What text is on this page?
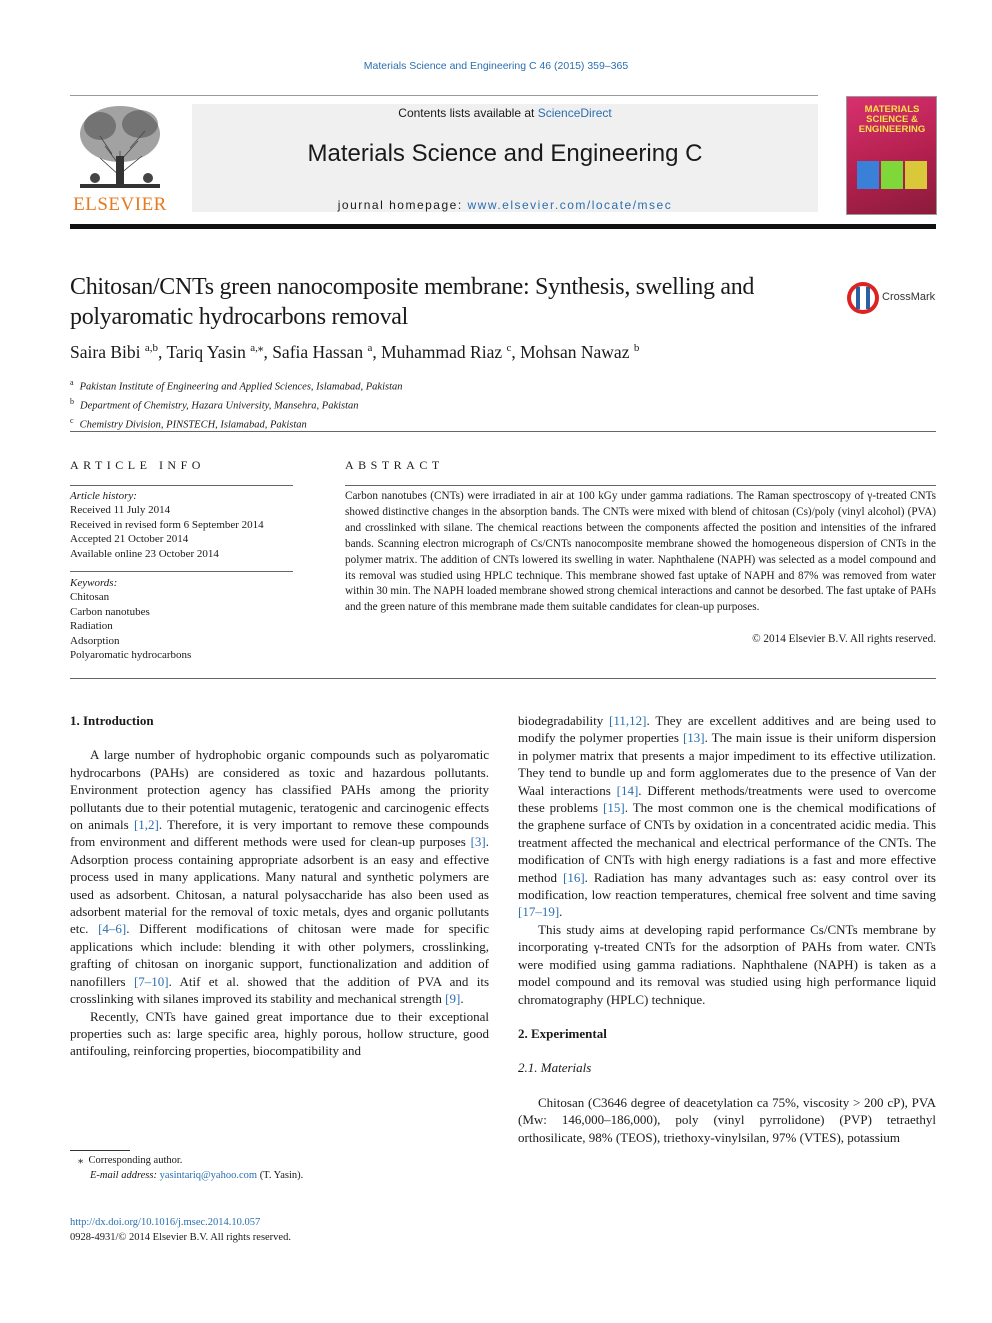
Materials Science and Engineering C 46 (2015) 359–365
ELSEVIER
Contents lists available at ScienceDirect
Materials Science and Engineering C
journal homepage: www.elsevier.com/locate/msec
MATERIALS SCIENCE & ENGINEERING
Chitosan/CNTs green nanocomposite membrane: Synthesis, swelling and polyaromatic hydrocarbons removal
CrossMark
Saira Bibi $^{a,b}$, Tariq Yasin $^{a,⁎}$, Safia Hassan $^a$, Muhammad Riaz $^c$, Mohsan Nawaz $^b$
$^a$ Pakistan Institute of Engineering and Applied Sciences, Islamabad, Pakistan
$^b$ Department of Chemistry, Hazara University, Mansehra, Pakistan
$^c$ Chemistry Division, PINSTECH, Islamabad, Pakistan
ARTICLE INFO
Article history:
Received 11 July 2014
Received in revised form 6 September 2014
Accepted 21 October 2014
Available online 23 October 2014
Keywords:
Chitosan
Carbon nanotubes
Radiation
Adsorption
Polyaromatic hydrocarbons
ABSTRACT
Carbon nanotubes (CNTs) were irradiated in air at 100 kGy under gamma radiations. The Raman spectroscopy of γ-treated CNTs showed distinctive changes in the absorption bands. The CNTs were mixed with blend of chitosan (Cs)/poly (vinyl alcohol) (PVA) and crosslinked with silane. The chemical reactions between the components affected the position and intensities of the infrared bands. Scanning electron micrograph of Cs/CNTs nanocomposite membrane showed the homogeneous dispersion of CNTs in the polymer matrix. The addition of CNTs lowered its swelling in water. Naphthalene (NAPH) was selected as a model compound and its removal was studied using HPLC technique. This membrane showed fast uptake of NAPH and 87% was removed from water within 30 min. The NAPH loaded membrane showed strong chemical interactions and cannot be desorbed. The fast uptake of PAHs and the green nature of this membrane made them suitable candidates for clean-up purposes.
© 2014 Elsevier B.V. All rights reserved.
1. Introduction

A large number of hydrophobic organic compounds such as polyaromatic hydrocarbons (PAHs) are considered as toxic and hazardous pollutants. Environment protection agency has classified PAHs among the priority pollutants due to their potential mutagenic, teratogenic and carcinogenic effects on animals [1,2]. Therefore, it is very important to remove these compounds from environment and different methods were used for clean-up purposes [3]. Adsorption process containing appropriate adsorbent is an easy and effective process used in many applications. Many natural and synthetic polymers are used as adsorbent. Chitosan, a natural polysaccharide has also been used as adsorbent material for the removal of toxic metals, dyes and organic pollutants etc. [4–6]. Different modifications of chitosan were made for specific applications which include: blending it with other polymers, crosslinking, grafting of chitosan on inorganic support, functionalization and addition of nanofillers [7–10]. Atif et al. showed that the addition of PVA and its crosslinking with silanes improved its stability and mechanical strength [9].

Recently, CNTs have gained great importance due to their exceptional properties such as: large specific area, highly porous, hollow structure, good antifouling, reinforcing properties, biocompatibility and

biodegradability [11,12]. They are excellent additives and are being used to modify the polymer properties [13]. The main issue is their uniform dispersion in polymer matrix that presents a major impediment to its effective utilization. They tend to bundle up and form agglomerates due to the presence of Van der Waal interactions [14]. Different methods/treatments were used to overcome these problems [15]. The most common one is the chemical modifications of the graphene surface of CNTs by oxidation in a concentrated acidic media. This treatment affected the mechanical and electrical performance of the CNTs. The modification of CNTs with high energy radiations is a fast and more effective method [16]. Radiation has many advantages such as: easy control over its modification, low reaction temperatures, chemical free solvent and time saving [17–19].

This study aims at developing rapid performance Cs/CNTs membrane by incorporating γ-treated CNTs for the adsorption of PAHs from water. CNTs were modified using gamma radiations. Naphthalene (NAPH) is taken as a model compound and its removal was studied using high performance liquid chromatography (HPLC) technique.

2. Experimental
2.1. Materials

Chitosan (C3646 degree of deacetylation ca 75%, viscosity > 200 cP), PVA (Mw: 146,000–186,000), poly (vinyl pyrrolidone) (PVP) tetraethyl orthosilicate, 98% (TEOS), triethoxy-vinylsilan, 97% (VTES), potassium

⁎ Corresponding author.
E-mail address: yasintariq@yahoo.com (T. Yasin).
http://dx.doi.org/10.1016/j.msec.2014.10.057
0928-4931/© 2014 Elsevier B.V. All rights reserved.
